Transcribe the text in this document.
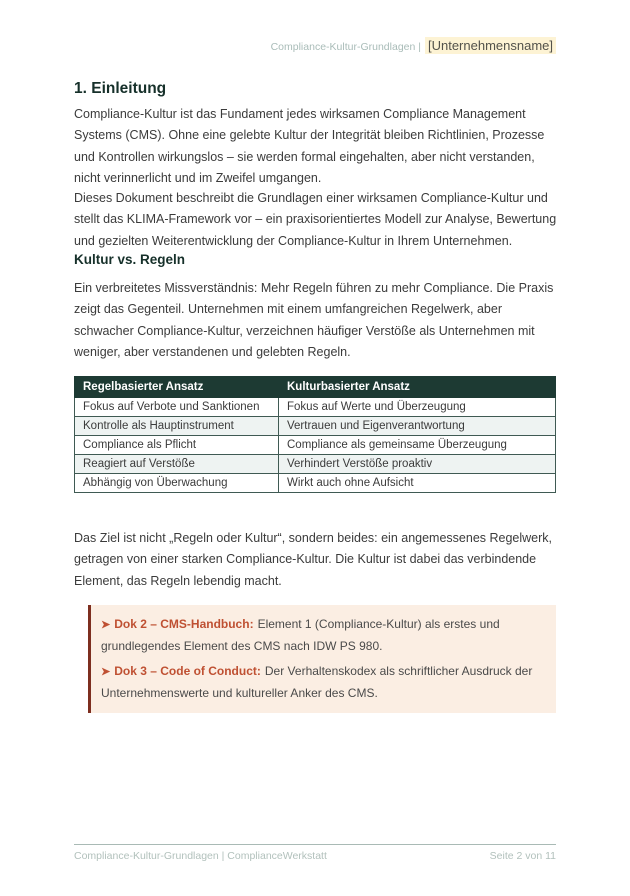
Compliance-Kultur-Grundlagen | [Unternehmensname]
1. Einleitung
Compliance-Kultur ist das Fundament jedes wirksamen Compliance Management Systems (CMS). Ohne eine gelebte Kultur der Integrität bleiben Richtlinien, Prozesse und Kontrollen wirkungslos – sie werden formal eingehalten, aber nicht verstanden, nicht verinnerlicht und im Zweifel umgangen.
Dieses Dokument beschreibt die Grundlagen einer wirksamen Compliance-Kultur und stellt das KLIMA-Framework vor – ein praxisorientiertes Modell zur Analyse, Bewertung und gezielten Weiterentwicklung der Compliance-Kultur in Ihrem Unternehmen.
Kultur vs. Regeln
Ein verbreitetes Missverständnis: Mehr Regeln führen zu mehr Compliance. Die Praxis zeigt das Gegenteil. Unternehmen mit einem umfangreichen Regelwerk, aber schwacher Compliance-Kultur, verzeichnen häufiger Verstöße als Unternehmen mit weniger, aber verstandenen und gelebten Regeln.
Regelbasierter Ansatz	Kulturbasierter Ansatz
Fokus auf Verbote und Sanktionen	Fokus auf Werte und Überzeugung
Kontrolle als Hauptinstrument	Vertrauen und Eigenverantwortung
Compliance als Pflicht	Compliance als gemeinsame Überzeugung
Reagiert auf Verstöße	Verhindert Verstöße proaktiv
Abhängig von Überwachung	Wirkt auch ohne Aufsicht
Das Ziel ist nicht „Regeln oder Kultur“, sondern beides: ein angemessenes Regelwerk, getragen von einer starken Compliance-Kultur. Die Kultur ist dabei das verbindende Element, das Regeln lebendig macht.
➤ Dok 2 – CMS-Handbuch: Element 1 (Compliance-Kultur) als erstes und grundlegendes Element des CMS nach IDW PS 980.
➤ Dok 3 – Code of Conduct: Der Verhaltenskodex als schriftlicher Ausdruck der Unternehmenswerte und kultureller Anker des CMS.
Compliance-Kultur-Grundlagen | ComplianceWerkstatt	Seite 2 von 11
